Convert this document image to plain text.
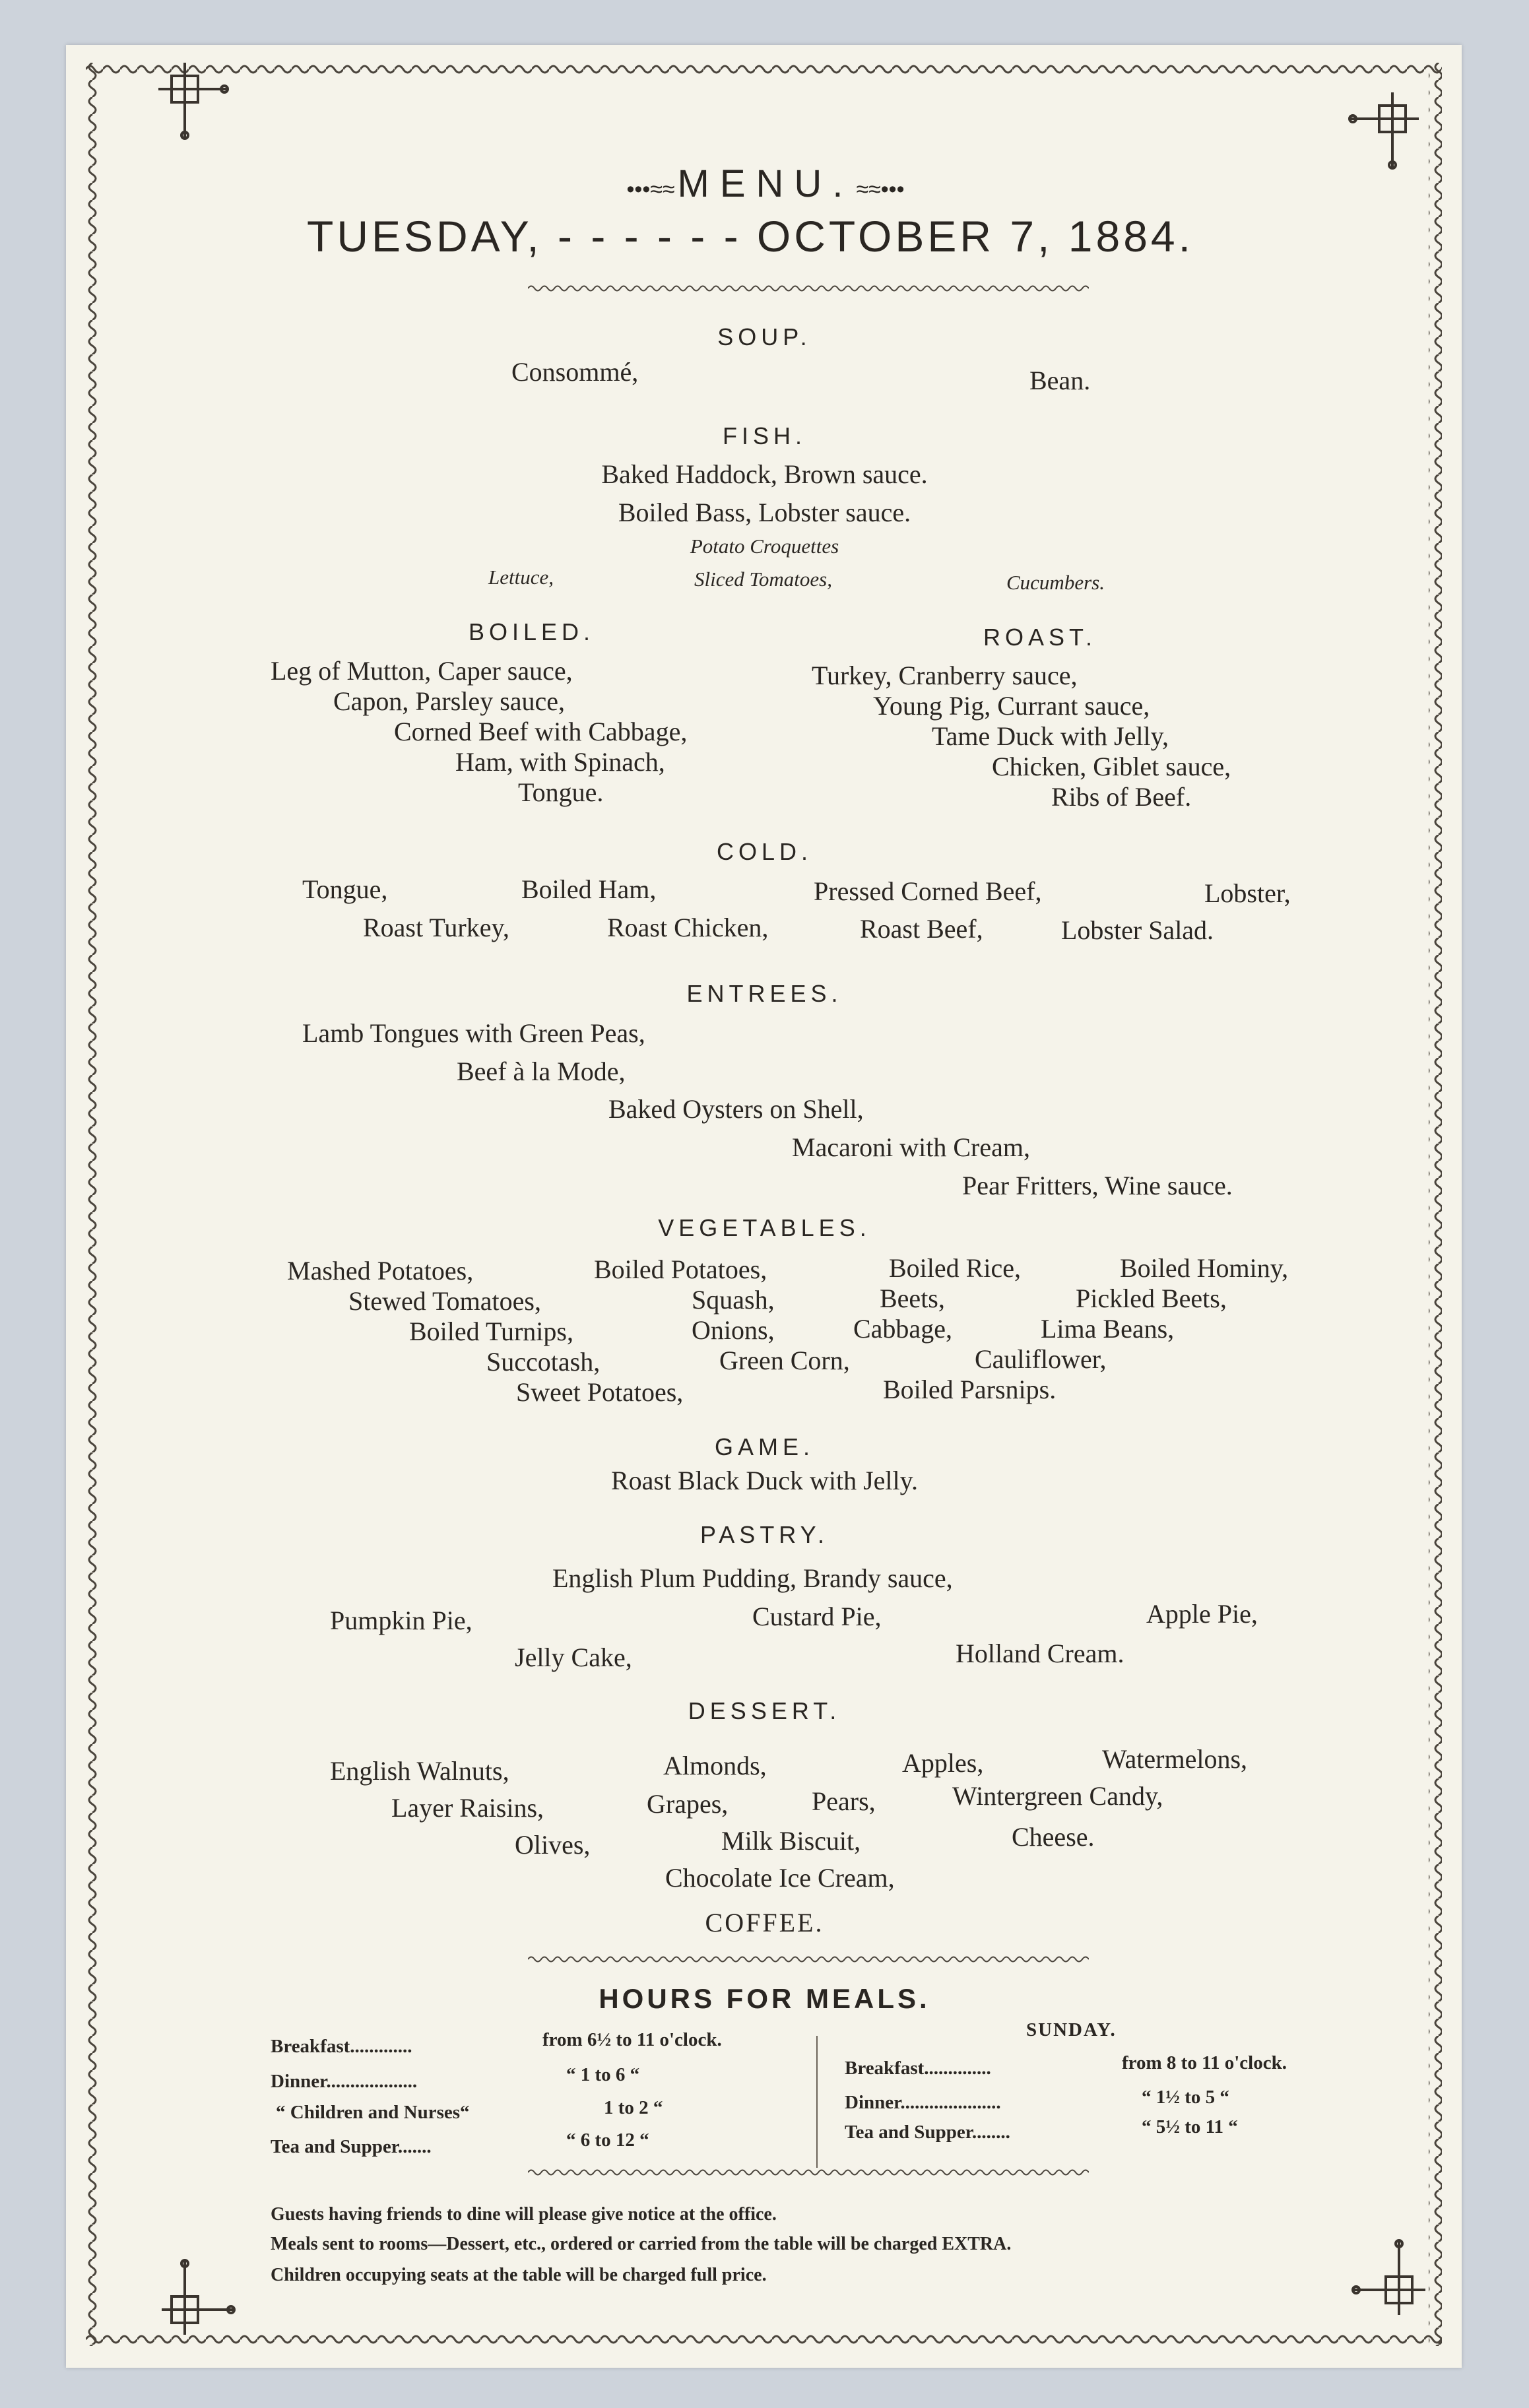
•••≈≈ MENU. ≈≈•••
TUESDAY, - - - - - - OCTOBER 7, 1884.
SOUP.
Consommé,	Bean.
FISH.
Baked Haddock, Brown sauce.
Boiled Bass, Lobster sauce.
Potato Croquettes
Lettuce,	Sliced Tomatoes,	Cucumbers.
BOILED.	ROAST.
Leg of Mutton, Caper sauce,
Capon, Parsley sauce,
Corned Beef with Cabbage,
Ham, with Spinach,
Tongue.
Turkey, Cranberry sauce,
Young Pig, Currant sauce,
Tame Duck with Jelly,
Chicken, Giblet sauce,
Ribs of Beef.
COLD.
Tongue,	Boiled Ham,	Pressed Corned Beef,	Lobster,
Roast Turkey,	Roast Chicken,	Roast Beef,	Lobster Salad.
ENTREES.
Lamb Tongues with Green Peas,
Beef à la Mode,
Baked Oysters on Shell,
Macaroni with Cream,
Pear Fritters, Wine sauce.
VEGETABLES.
Mashed Potatoes,	Boiled Potatoes,	Boiled Rice,	Boiled Hominy,
Stewed Tomatoes,	Squash,	Beets,	Pickled Beets,
Boiled Turnips,	Onions,	Cabbage,	Lima Beans,
Succotash,	Green Corn,	Cauliflower,
Sweet Potatoes,	Boiled Parsnips.
GAME.
Roast Black Duck with Jelly.
PASTRY.
English Plum Pudding, Brandy sauce,
Pumpkin Pie,	Custard Pie,	Apple Pie,
Jelly Cake,	Holland Cream.
DESSERT.
English Walnuts,	Almonds,	Apples,	Watermelons,
Layer Raisins,	Grapes,	Pears,	Wintergreen Candy,
Olives,	Milk Biscuit,	Cheese.
Chocolate Ice Cream,
COFFEE.
HOURS FOR MEALS.
Breakfast.............	from 6½ to 11 o'clock.
Dinner...................	“ 1 to 6 “
“ Children and Nurses“	1 to 2 “
Tea and Supper.......	“ 6 to 12 “
SUNDAY.
Breakfast..............	from 8 to 11 o'clock.
Dinner.....................	“ 1½ to 5 “
Tea and Supper........	“ 5½ to 11 “
Guests having friends to dine will please give notice at the office.
Meals sent to rooms—Dessert, etc., ordered or carried from the table will be charged EXTRA.
Children occupying seats at the table will be charged full price.
